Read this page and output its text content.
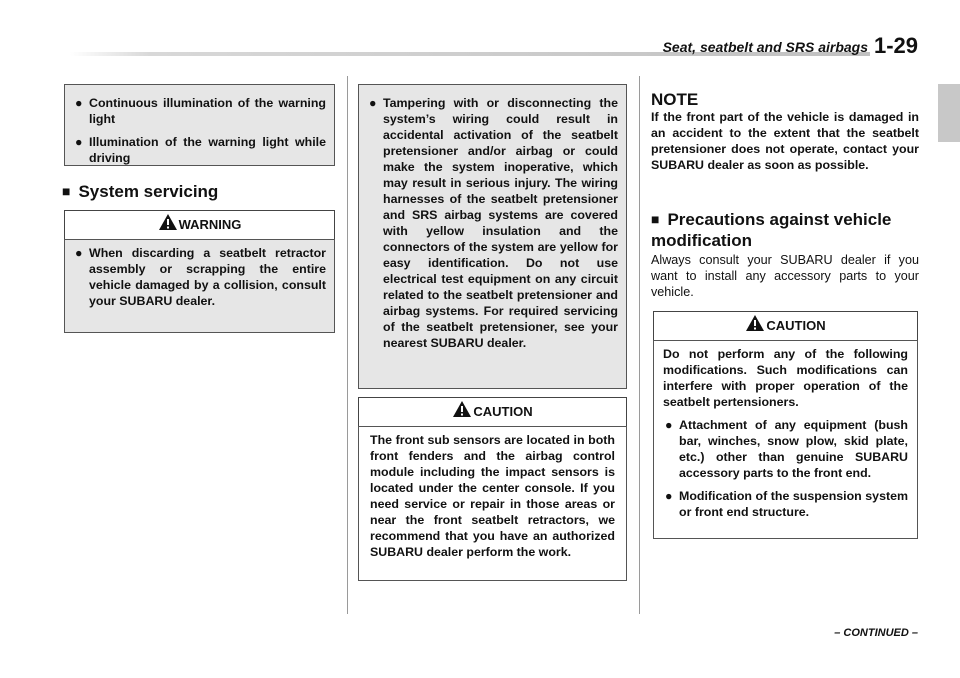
Seat, seatbelt and SRS airbags 1-29
● Continuous illumination of the warning light
● Illumination of the warning light while driving
■ System servicing
WARNING
● When discarding a seatbelt retractor assembly or scrapping the entire vehicle damaged by a collision, consult your SUBARU dealer.
● Tampering with or disconnecting the system’s wiring could result in accidental activation of the seatbelt pretensioner and/or airbag or could make the system inoperative, which may result in serious injury. The wiring harnesses of the seatbelt pretensioner and SRS airbag systems are covered with yellow insulation and the connectors of the system are yellow for easy identification. Do not use electrical test equipment on any circuit related to the seatbelt pretensioner and airbag systems. For required servicing of the seatbelt pretensioner, see your nearest SUBARU dealer.
CAUTION

The front sub sensors are located in both front fenders and the airbag control module including the impact sensors is located under the center console. If you need service or repair in those areas or near the front seatbelt retractors, we recommend that you have an authorized SUBARU dealer perform the work.

NOTE

If the front part of the vehicle is damaged in an accident to the extent that the seatbelt pretensioner does not operate, contact your SUBARU dealer as soon as possible.

■ Precautions against vehicle modification

Always consult your SUBARU dealer if you want to install any accessory parts to your vehicle.

CAUTION

Do not perform any of the following modifications. Such modifications can interfere with proper operation of the seatbelt pertensioners.

● Attachment of any equipment (bush bar, winches, snow plow, skid plate, etc.) other than genuine SUBARU accessory parts to the front end.
● Modification of the suspension system or front end structure.
– CONTINUED –
